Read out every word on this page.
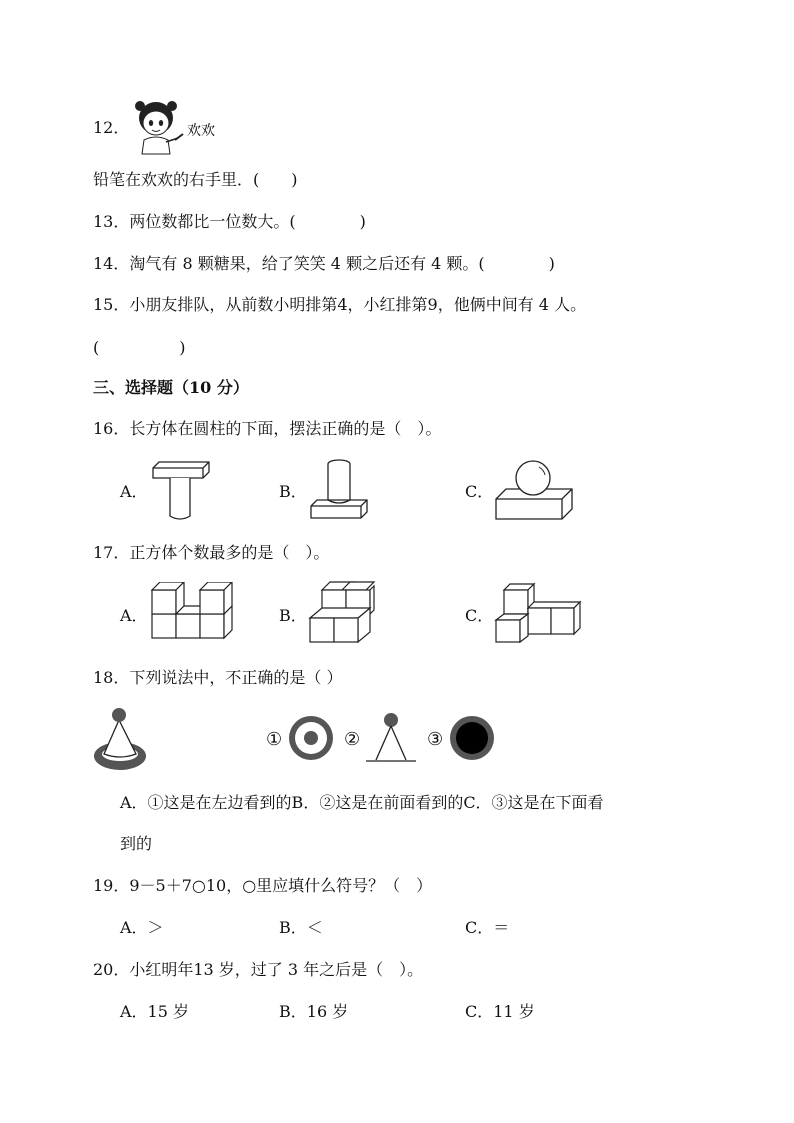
12．	欢欢
铅笔在欢欢的右手里．(　　)
13．两位数都比一位数大。(　　　　)
14．淘气有 8 颗糖果，给了笑笑 4 颗之后还有 4 颗。(　　　　)
15．小朋友排队，从前数小明排第4，小红排第9，他俩中间有 4 人。
(　　　　　)
三、选择题（10 分）
16．长方体在圆柱的下面，摆法正确的是（　）。
A．	B．	C．
17．正方体个数最多的是（　）。
A．	B．	C．
18．下列说法中，不正确的是（ ）
①	②	③
A．①这是在左边看到的B．②这是在前面看到的C．③这是在下面看
到的
19．9－5＋7○10，○里应填什么符号？（　）
A．＞	B．＜	C．＝
20．小红明年13 岁，过了 3 年之后是（　）。
A．15 岁	B．16 岁	C．11 岁
